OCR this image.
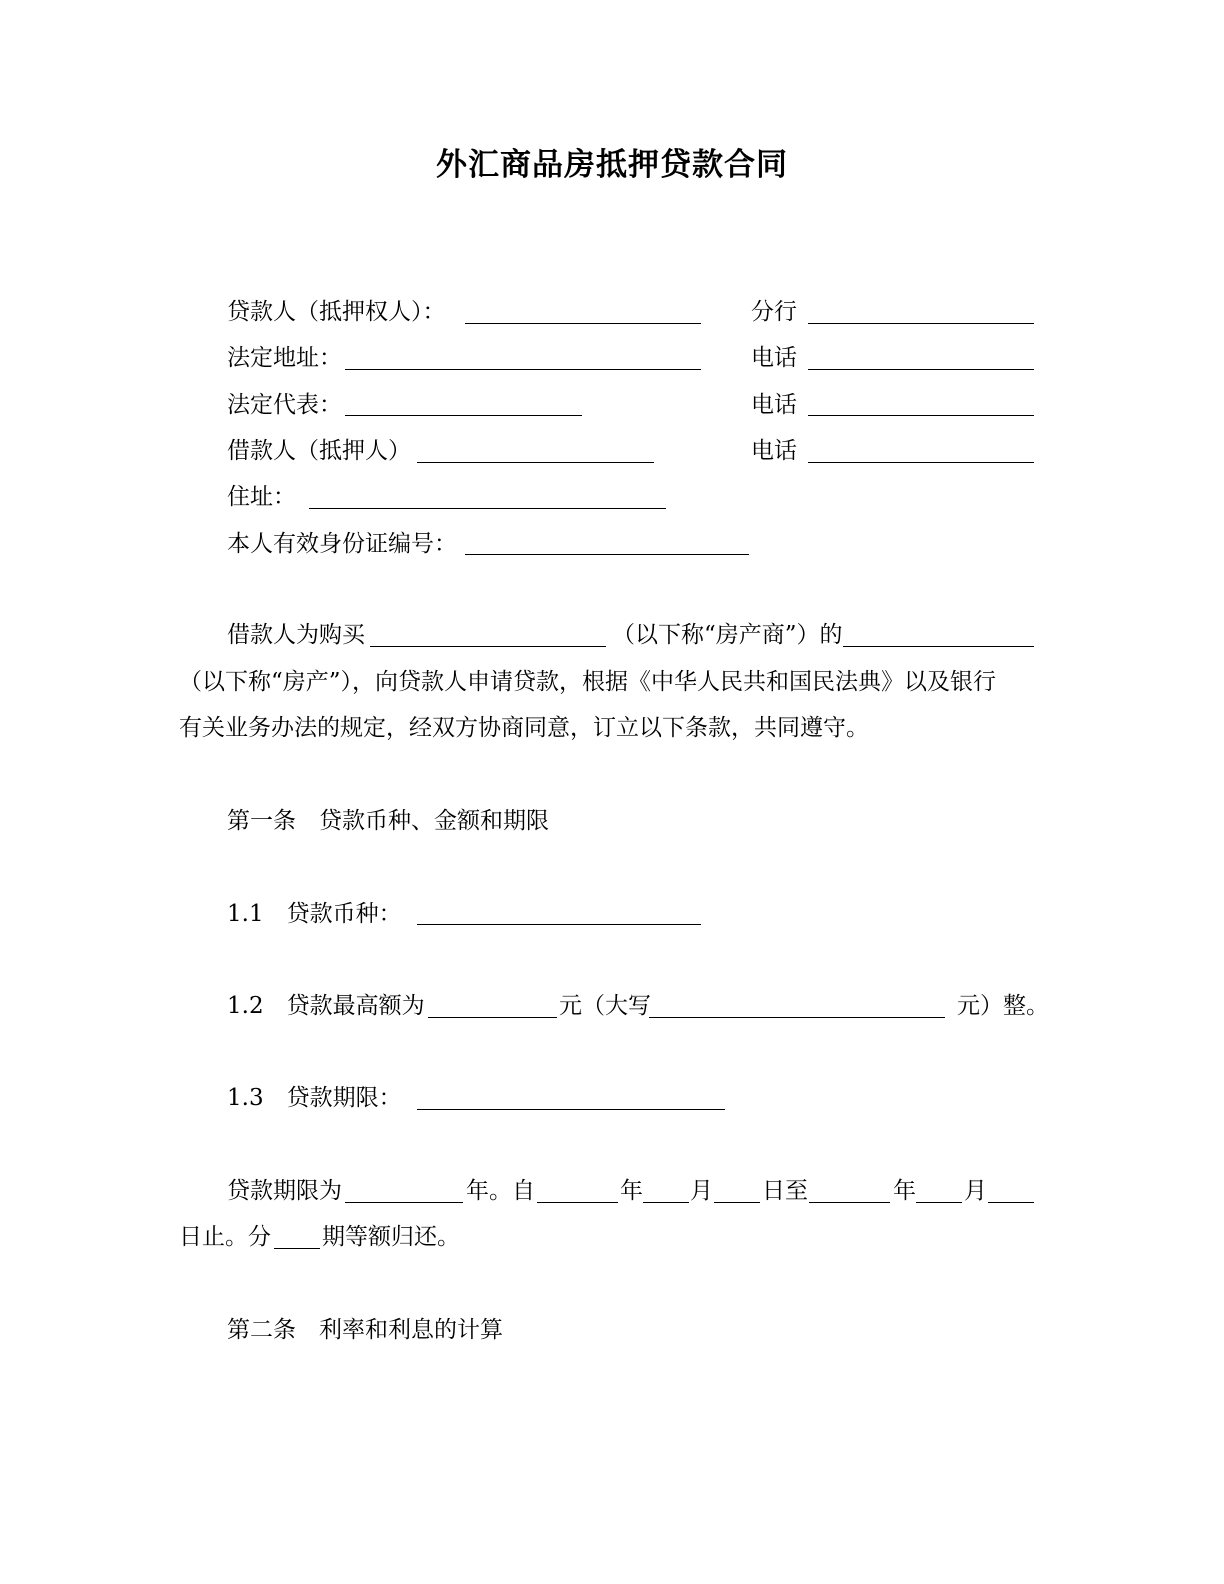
外汇商品房抵押贷款合同
贷款人（抵押权人）：	分行
法定地址：	电话
法定代表：	电话
借款人（抵押人）	电话
住址：
本人有效身份证编号：
借款人为购买	（以下称“房产商”）的
（以下称“房产”），向贷款人申请贷款，根据《中华人民共和国民法典》以及银行
有关业务办法的规定，经双方协商同意，订立以下条款，共同遵守。
第一条　贷款币种、金额和期限
1.1　贷款币种：
1.2　贷款最高额为	元（大写	元）整。
1.3　贷款期限：
贷款期限为	年。自	年 月 日至	年 月
日止。分 期等额归还。
第二条　利率和利息的计算
